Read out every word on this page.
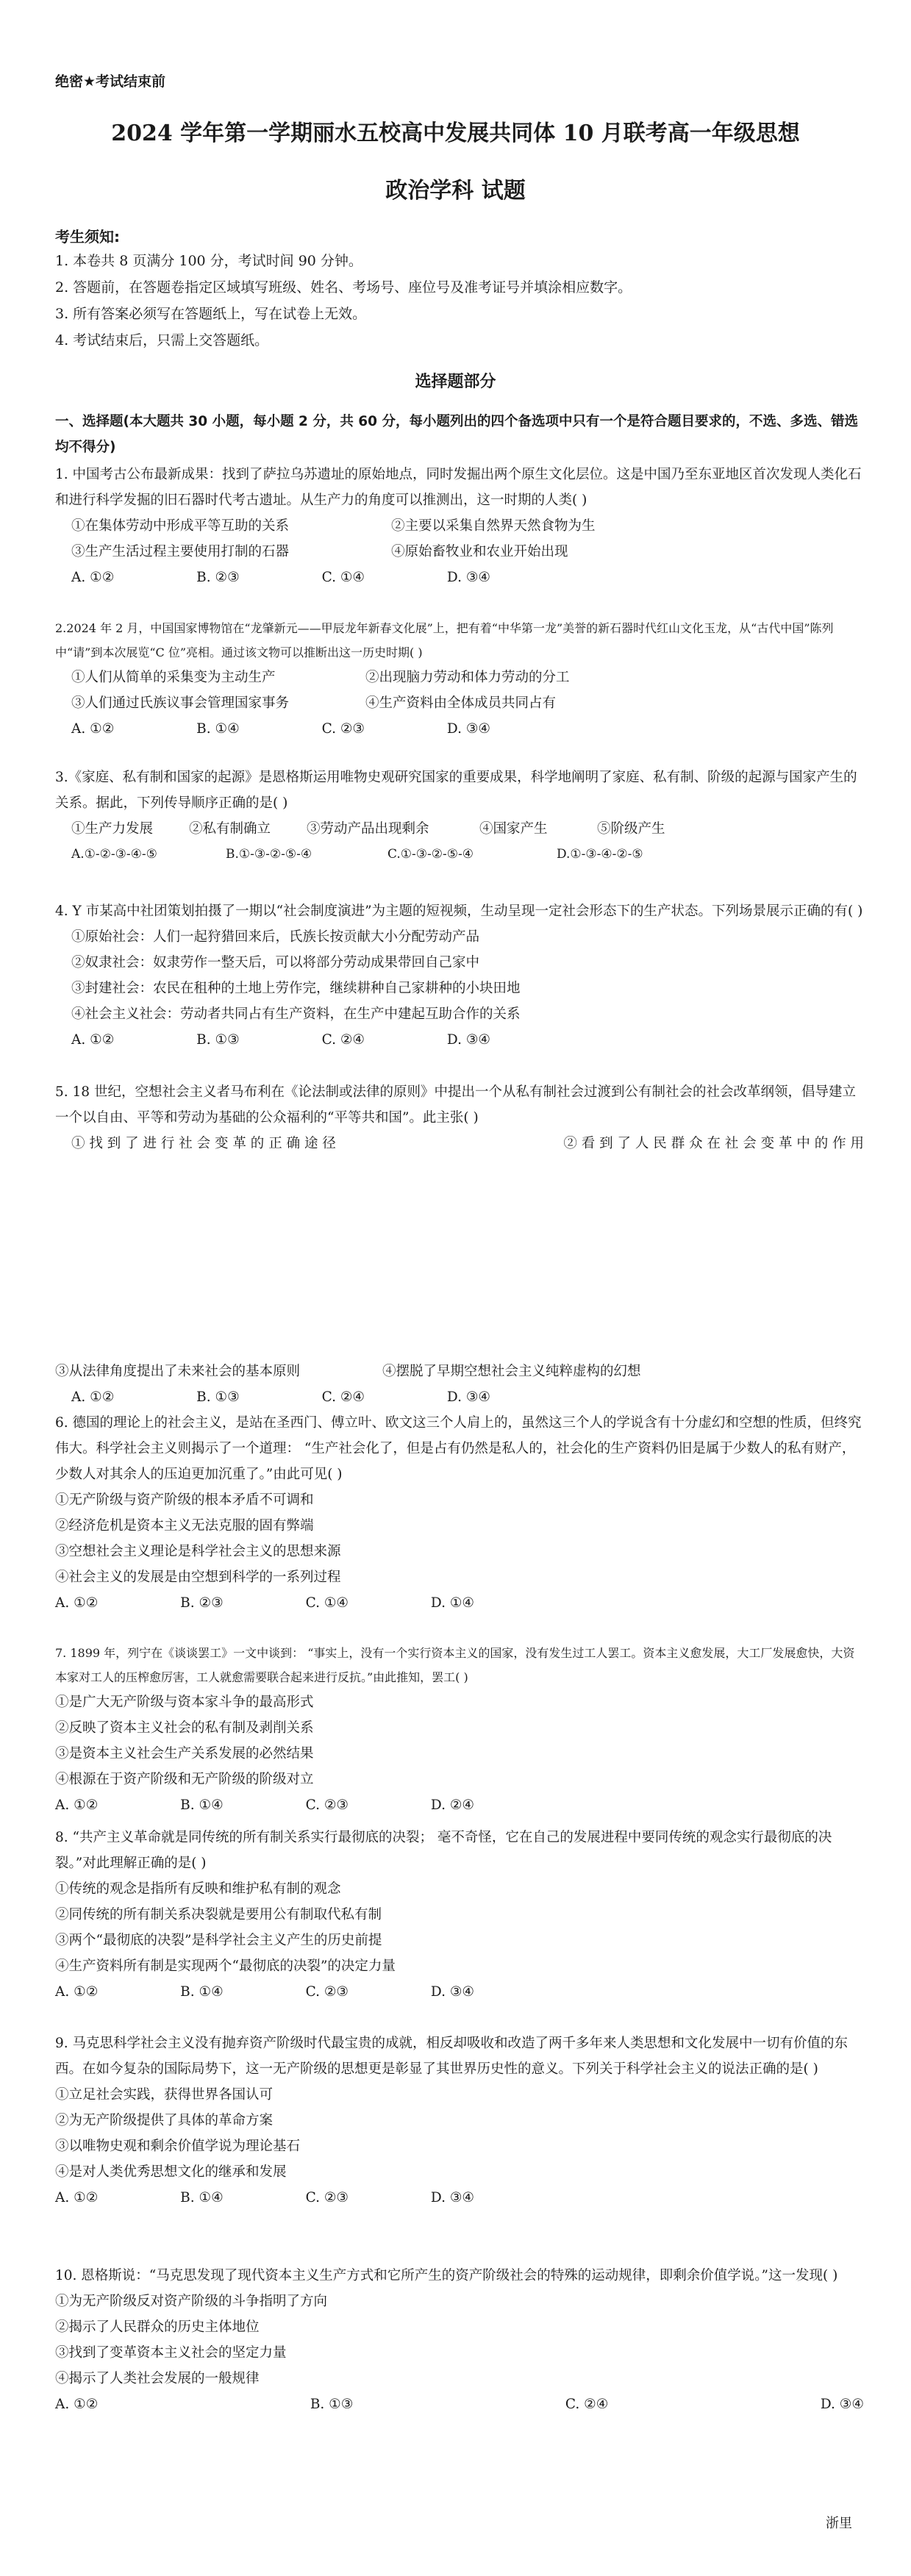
绝密★考试结束前
2024 学年第一学期丽水五校高中发展共同体 10 月联考高一年级思想
政治学科 试题
考生须知:
1. 本卷共 8 页满分 100 分，考试时间 90 分钟。
2. 答题前，在答题卷指定区域填写班级、姓名、考场号、座位号及准考证号并填涂相应数字。
3. 所有答案必须写在答题纸上，写在试卷上无效。
4. 考试结束后，只需上交答题纸。
选择题部分
一、选择题(本大题共 30 小题，每小题 2 分，共 60 分，每小题列出的四个备选项中只有一个是符合题目要求的，不选、多选、错选均不得分)

1. 中国考古公布最新成果：找到了萨拉乌苏遗址的原始地点，同时发掘出两个原生文化层位。这是中国乃至东亚地区首次发现人类化石和进行科学发掘的旧石器时代考古遗址。从生产力的角度可以推测出，这一时期的人类( )

①在集体劳动中形成平等互助的关系	②主要以采集自然界天然食物为生
③生产生活过程主要使用打制的石器	④原始畜牧业和农业开始出现
A. ①②	B. ②③	C. ①④	D. ③④

2.2024 年 2 月，中国国家博物馆在“龙肇新元——甲辰龙年新春文化展”上，把有着“中华第一龙”美誉的新石器时代红山文化玉龙，从“古代中国”陈列中“请”到本次展览“C 位”亮相。通过该文物可以推断出这一历史时期( )

①人们从简单的采集变为主动生产	②出现脑力劳动和体力劳动的分工
③人们通过氏族议事会管理国家事务	④生产资料由全体成员共同占有
A. ①②	B. ①④	C. ②③	D. ③④

3.《家庭、私有制和国家的起源》是恩格斯运用唯物史观研究国家的重要成果，科学地阐明了家庭、私有制、阶级的起源与国家产生的关系。据此，下列传导顺序正确的是( )

①生产力发展	②私有制确立	③劳动产品出现剩余	④国家产生	⑤阶级产生
A.①-②-③-④-⑤	B.①-③-②-⑤-④	C.①-③-②-⑤-④	D.①-③-④-②-⑤

4. Y 市某高中社团策划拍摄了一期以“社会制度演进”为主题的短视频，生动呈现一定社会形态下的生产状态。下列场景展示正确的有( )

①原始社会：人们一起狩猎回来后，氏族长按贡献大小分配劳动产品

②奴隶社会：奴隶劳作一整天后，可以将部分劳动成果带回自己家中

③封建社会：农民在租种的土地上劳作完，继续耕种自己家耕种的小块田地

④社会主义社会：劳动者共同占有生产资料，在生产中建起互助合作的关系

A. ①②	B. ①③	C. ②④	D. ③④

5. 18 世纪，空想社会主义者马布利在《论法制或法律的原则》中提出一个从私有制社会过渡到公有制社会的社会改革纲领，倡导建立一个以自由、平等和劳动为基础的公众福利的“平等共和国”。此主张( )

① 找 到 了 进 行 社 会 变 革 的 正 确 途 径	② 看 到 了 人 民 群 众 在 社 会 变 革 中 的 作 用
③从法律角度提出了未来社会的基本原则	④摆脱了早期空想社会主义纯粹虚构的幻想
A. ①②	B. ①③	C. ②④	D. ③④

6. 德国的理论上的社会主义，是站在圣西门、傅立叶、欧文这三个人肩上的，虽然这三个人的学说含有十分虚幻和空想的性质，但终究伟大。科学社会主义则揭示了一个道理： “生产社会化了，但是占有仍然是私人的，社会化的生产资料仍旧是属于少数人的私有财产，少数人对其余人的压迫更加沉重了。”由此可见( )

①无产阶级与资产阶级的根本矛盾不可调和

②经济危机是资本主义无法克服的固有弊端

③空想社会主义理论是科学社会主义的思想来源

④社会主义的发展是由空想到科学的一系列过程

A. ①②	B. ②③	C. ①④	D. ①④

7. 1899 年，列宁在《谈谈罢工》一文中谈到： “事实上，没有一个实行资本主义的国家，没有发生过工人罢工。资本主义愈发展，大工厂发展愈快，大资本家对工人的压榨愈厉害，工人就愈需要联合起来进行反抗。”由此推知，罢工( )

①是广大无产阶级与资本家斗争的最高形式

②反映了资本主义社会的私有制及剥削关系

③是资本主义社会生产关系发展的必然结果

④根源在于资产阶级和无产阶级的阶级对立

A. ①②	B. ①④	C. ②③	D. ②④

8. “共产主义革命就是同传统的所有制关系实行最彻底的决裂； 毫不奇怪，它在自己的发展进程中要同传统的观念实行最彻底的决裂。”对此理解正确的是( )

①传统的观念是指所有反映和维护私有制的观念

②同传统的所有制关系决裂就是要用公有制取代私有制

③两个“最彻底的决裂”是科学社会主义产生的历史前提

④生产资料所有制是实现两个“最彻底的决裂”的决定力量

A. ①②	B. ①④	C. ②③	D. ③④

9. 马克思科学社会主义没有抛弃资产阶级时代最宝贵的成就，相反却吸收和改造了两千多年来人类思想和文化发展中一切有价值的东西。在如今复杂的国际局势下，这一无产阶级的思想更是彰显了其世界历史性的意义。下列关于科学社会主义的说法正确的是( )

①立足社会实践，获得世界各国认可

②为无产阶级提供了具体的革命方案

③以唯物史观和剩余价值学说为理论基石

④是对人类优秀思想文化的继承和发展

A. ①②	B. ①④	C. ②③	D. ③④

10. 恩格斯说：“马克思发现了现代资本主义生产方式和它所产生的资产阶级社会的特殊的运动规律，即剩余价值学说。”这一发现( )

①为无产阶级反对资产阶级的斗争指明了方向

②揭示了人民群众的历史主体地位

③找到了变革资本主义社会的坚定力量

④揭示了人类社会发展的一般规律

A. ①②	B. ①③	C. ②④	D. ③④
浙里
